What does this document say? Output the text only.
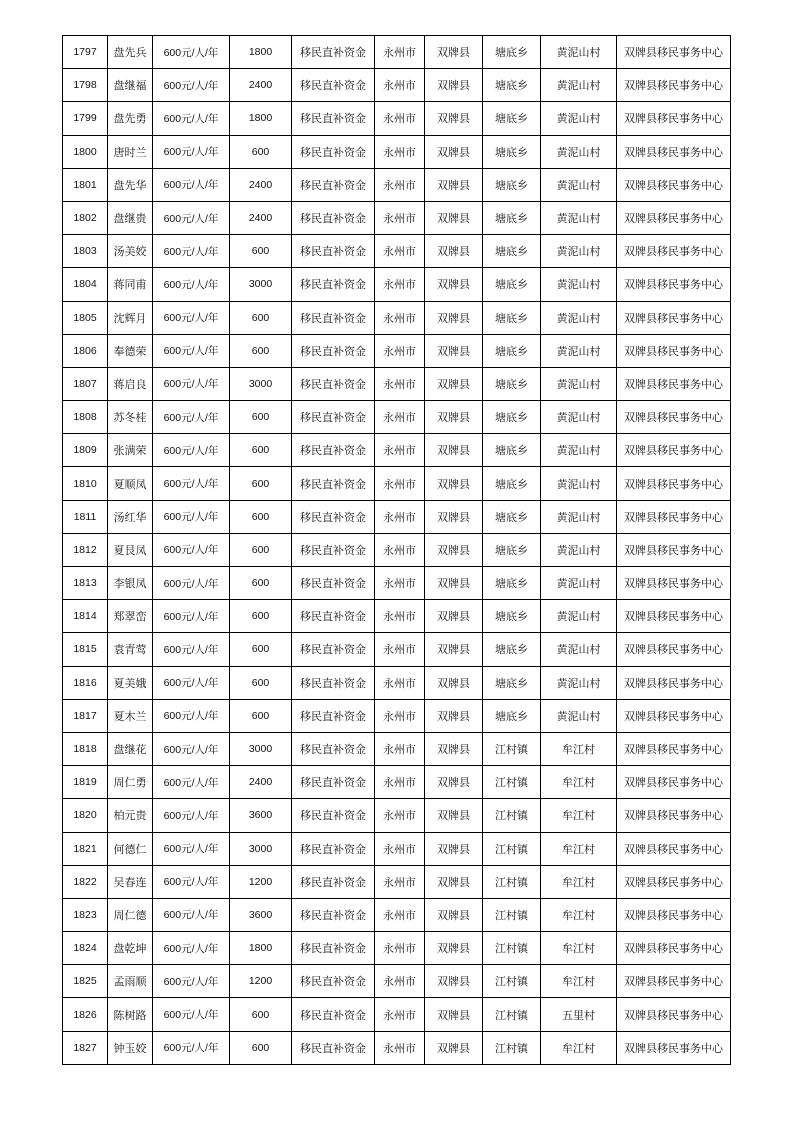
1797	盘先兵	600元/人/年	1800	移民直补资金	永州市	双牌县	塘底乡	黄泥山村	双牌县移民事务中心
1798	盘继福	600元/人/年	2400	移民直补资金	永州市	双牌县	塘底乡	黄泥山村	双牌县移民事务中心
1799	盘先勇	600元/人/年	1800	移民直补资金	永州市	双牌县	塘底乡	黄泥山村	双牌县移民事务中心
1800	唐时兰	600元/人/年	600	移民直补资金	永州市	双牌县	塘底乡	黄泥山村	双牌县移民事务中心
1801	盘先华	600元/人/年	2400	移民直补资金	永州市	双牌县	塘底乡	黄泥山村	双牌县移民事务中心
1802	盘继贵	600元/人/年	2400	移民直补资金	永州市	双牌县	塘底乡	黄泥山村	双牌县移民事务中心
1803	汤美姣	600元/人/年	600	移民直补资金	永州市	双牌县	塘底乡	黄泥山村	双牌县移民事务中心
1804	蒋同甫	600元/人/年	3000	移民直补资金	永州市	双牌县	塘底乡	黄泥山村	双牌县移民事务中心
1805	沈辉月	600元/人/年	600	移民直补资金	永州市	双牌县	塘底乡	黄泥山村	双牌县移民事务中心
1806	奉德荣	600元/人/年	600	移民直补资金	永州市	双牌县	塘底乡	黄泥山村	双牌县移民事务中心
1807	蒋启良	600元/人/年	3000	移民直补资金	永州市	双牌县	塘底乡	黄泥山村	双牌县移民事务中心
1808	苏冬桂	600元/人/年	600	移民直补资金	永州市	双牌县	塘底乡	黄泥山村	双牌县移民事务中心
1809	张满荣	600元/人/年	600	移民直补资金	永州市	双牌县	塘底乡	黄泥山村	双牌县移民事务中心
1810	夏顺凤	600元/人/年	600	移民直补资金	永州市	双牌县	塘底乡	黄泥山村	双牌县移民事务中心
1811	汤红华	600元/人/年	600	移民直补资金	永州市	双牌县	塘底乡	黄泥山村	双牌县移民事务中心
1812	夏艮凤	600元/人/年	600	移民直补资金	永州市	双牌县	塘底乡	黄泥山村	双牌县移民事务中心
1813	李银凤	600元/人/年	600	移民直补资金	永州市	双牌县	塘底乡	黄泥山村	双牌县移民事务中心
1814	郑翠峦	600元/人/年	600	移民直补资金	永州市	双牌县	塘底乡	黄泥山村	双牌县移民事务中心
1815	袁青莺	600元/人/年	600	移民直补资金	永州市	双牌县	塘底乡	黄泥山村	双牌县移民事务中心
1816	夏美娥	600元/人/年	600	移民直补资金	永州市	双牌县	塘底乡	黄泥山村	双牌县移民事务中心
1817	夏木兰	600元/人/年	600	移民直补资金	永州市	双牌县	塘底乡	黄泥山村	双牌县移民事务中心
1818	盘继花	600元/人/年	3000	移民直补资金	永州市	双牌县	江村镇	牟江村	双牌县移民事务中心
1819	周仁勇	600元/人/年	2400	移民直补资金	永州市	双牌县	江村镇	牟江村	双牌县移民事务中心
1820	柏元贵	600元/人/年	3600	移民直补资金	永州市	双牌县	江村镇	牟江村	双牌县移民事务中心
1821	何德仁	600元/人/年	3000	移民直补资金	永州市	双牌县	江村镇	牟江村	双牌县移民事务中心
1822	吴春连	600元/人/年	1200	移民直补资金	永州市	双牌县	江村镇	牟江村	双牌县移民事务中心
1823	周仁德	600元/人/年	3600	移民直补资金	永州市	双牌县	江村镇	牟江村	双牌县移民事务中心
1824	盘乾坤	600元/人/年	1800	移民直补资金	永州市	双牌县	江村镇	牟江村	双牌县移民事务中心
1825	孟雨顺	600元/人/年	1200	移民直补资金	永州市	双牌县	江村镇	牟江村	双牌县移民事务中心
1826	陈树路	600元/人/年	600	移民直补资金	永州市	双牌县	江村镇	五里村	双牌县移民事务中心
1827	钟玉姣	600元/人/年	600	移民直补资金	永州市	双牌县	江村镇	牟江村	双牌县移民事务中心
